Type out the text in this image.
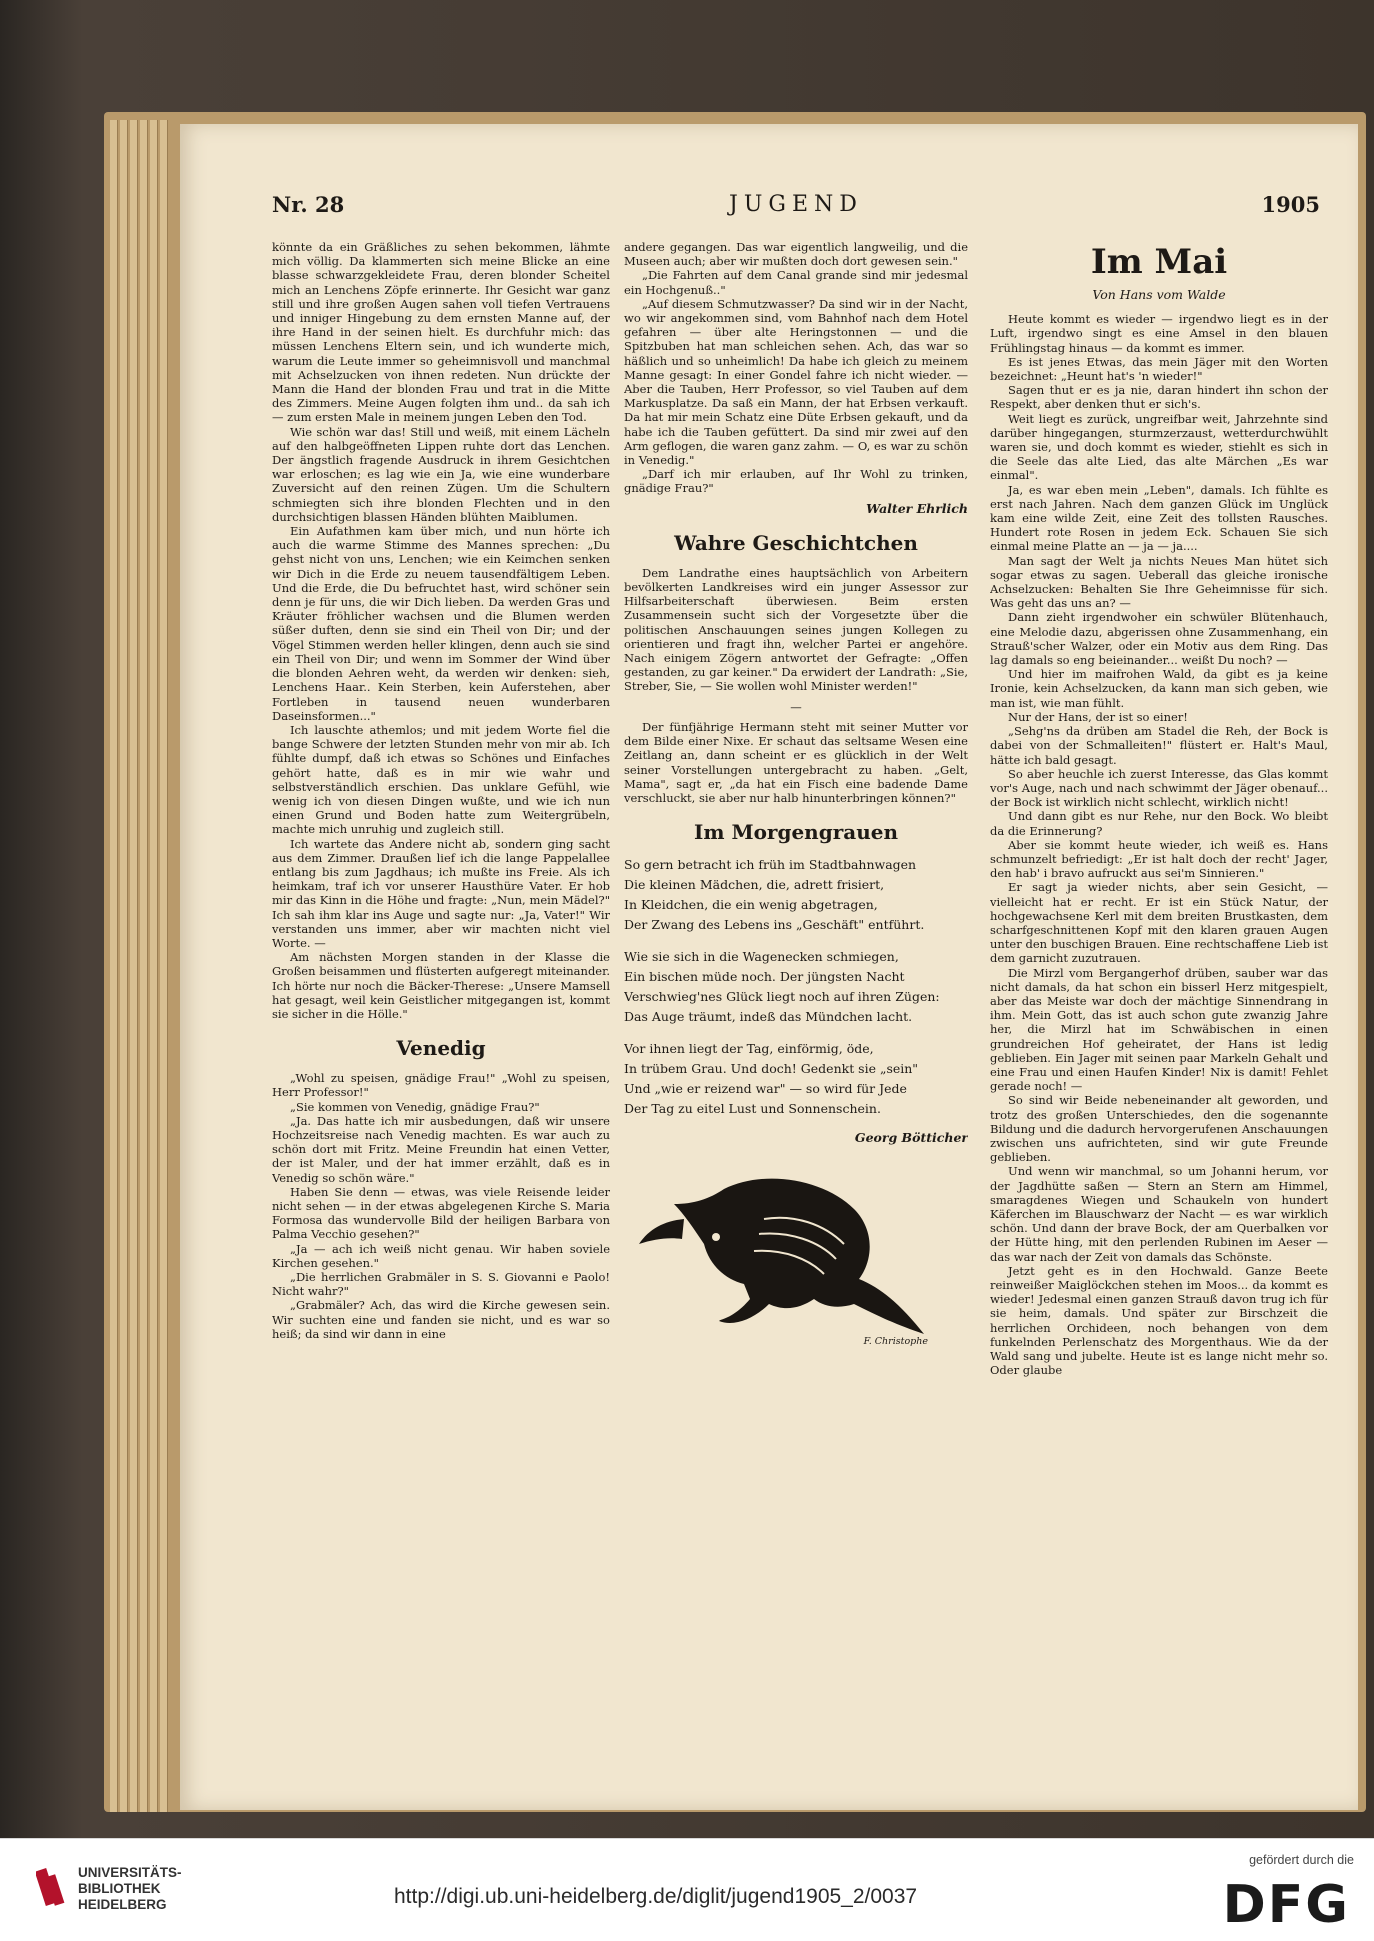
Nr. 28	JUGEND	1905

könnte da ein Gräßliches zu sehen bekommen, lähmte mich völlig. Da klammerten sich meine Blicke an eine blasse schwarzgekleidete Frau, deren blonder Scheitel mich an Lenchens Zöpfe erinnerte. Ihr Gesicht war ganz still und ihre großen Augen sahen voll tiefen Vertrauens und inniger Hingebung zu dem ernsten Manne auf, der ihre Hand in der seinen hielt. Es durchfuhr mich: das müssen Lenchens Eltern sein, und ich wunderte mich, warum die Leute immer so geheimnisvoll und manchmal mit Achselzucken von ihnen redeten. Nun drückte der Mann die Hand der blonden Frau und trat in die Mitte des Zimmers. Meine Augen folgten ihm und.. da sah ich — zum ersten Male in meinem jungen Leben den Tod.

Wie schön war das! Still und weiß, mit einem Lächeln auf den halbgeöffneten Lippen ruhte dort das Lenchen. Der ängstlich fragende Ausdruck in ihrem Gesichtchen war erloschen; es lag wie ein Ja, wie eine wunderbare Zuversicht auf den reinen Zügen. Um die Schultern schmiegten sich ihre blonden Flechten und in den durchsichtigen blassen Händen blühten Maiblumen.

Ein Aufathmen kam über mich, und nun hörte ich auch die warme Stimme des Mannes sprechen: „Du gehst nicht von uns, Lenchen; wie ein Keimchen senken wir Dich in die Erde zu neuem tausendfältigem Leben. Und die Erde, die Du befruchtet hast, wird schöner sein denn je für uns, die wir Dich lieben. Da werden Gras und Kräuter fröhlicher wachsen und die Blumen werden süßer duften, denn sie sind ein Theil von Dir; und der Vögel Stimmen werden heller klingen, denn auch sie sind ein Theil von Dir; und wenn im Sommer der Wind über die blonden Aehren weht, da werden wir denken: sieh, Lenchens Haar.. Kein Sterben, kein Auferstehen, aber Fortleben in tausend neuen wunderbaren Daseinsformen..."

Ich lauschte athemlos; und mit jedem Worte fiel die bange Schwere der letzten Stunden mehr von mir ab. Ich fühlte dumpf, daß ich etwas so Schönes und Einfaches gehört hatte, daß es in mir wie wahr und selbstverständlich erschien. Das unklare Gefühl, wie wenig ich von diesen Dingen wußte, und wie ich nun einen Grund und Boden hatte zum Weitergrübeln, machte mich unruhig und zugleich still.

Ich wartete das Andere nicht ab, sondern ging sacht aus dem Zimmer. Draußen lief ich die lange Pappelallee entlang bis zum Jagdhaus; ich mußte ins Freie. Als ich heimkam, traf ich vor unserer Hausthüre Vater. Er hob mir das Kinn in die Höhe und fragte: „Nun, mein Mädel?" Ich sah ihm klar ins Auge und sagte nur: „Ja, Vater!" Wir verstanden uns immer, aber wir machten nicht viel Worte. —

Am nächsten Morgen standen in der Klasse die Großen beisammen und flüsterten aufgeregt miteinander. Ich hörte nur noch die Bäcker-Therese: „Unsere Mamsell hat gesagt, weil kein Geistlicher mitgegangen ist, kommt sie sicher in die Hölle."

Venedig

„Wohl zu speisen, gnädige Frau!" „Wohl zu speisen, Herr Professor!"

„Sie kommen von Venedig, gnädige Frau?"

„Ja. Das hatte ich mir ausbedungen, daß wir unsere Hochzeitsreise nach Venedig machten. Es war auch zu schön dort mit Fritz. Meine Freundin hat einen Vetter, der ist Maler, und der hat immer erzählt, daß es in Venedig so schön wäre."

Haben Sie denn — etwas, was viele Reisende leider nicht sehen — in der etwas abgelegenen Kirche S. Maria Formosa das wundervolle Bild der heiligen Barbara von Palma Vecchio gesehen?"

„Ja — ach ich weiß nicht genau. Wir haben soviele Kirchen gesehen."

„Die herrlichen Grabmäler in S. S. Giovanni e Paolo! Nicht wahr?"

„Grabmäler? Ach, das wird die Kirche gewesen sein. Wir suchten eine und fanden sie nicht, und es war so heiß; da sind wir dann in eine

andere gegangen. Das war eigentlich langweilig, und die Museen auch; aber wir mußten doch dort gewesen sein."

„Die Fahrten auf dem Canal grande sind mir jedesmal ein Hochgenuß.."

„Auf diesem Schmutzwasser? Da sind wir in der Nacht, wo wir angekommen sind, vom Bahnhof nach dem Hotel gefahren — über alte Heringstonnen — und die Spitzbuben hat man schleichen sehen. Ach, das war so häßlich und so unheimlich! Da habe ich gleich zu meinem Manne gesagt: In einer Gondel fahre ich nicht wieder. — Aber die Tauben, Herr Professor, so viel Tauben auf dem Markusplatze. Da saß ein Mann, der hat Erbsen verkauft. Da hat mir mein Schatz eine Düte Erbsen gekauft, und da habe ich die Tauben gefüttert. Da sind mir zwei auf den Arm geflogen, die waren ganz zahm. — O, es war zu schön in Venedig."

„Darf ich mir erlauben, auf Ihr Wohl zu trinken, gnädige Frau?"

Walter Ehrlich
Wahre Geschichtchen

Dem Landrathe eines hauptsächlich von Arbeitern bevölkerten Landkreises wird ein junger Assessor zur Hilfsarbeiterschaft überwiesen. Beim ersten Zusammensein sucht sich der Vorgesetzte über die politischen Anschauungen seines jungen Kollegen zu orientieren und fragt ihn, welcher Partei er angehöre. Nach einigem Zögern antwortet der Gefragte: „Offen gestanden, zu gar keiner." Da erwidert der Landrath: „Sie, Streber, Sie, — Sie wollen wohl Minister werden!"

—

Der fünfjährige Hermann steht mit seiner Mutter vor dem Bilde einer Nixe. Er schaut das seltsame Wesen eine Zeitlang an, dann scheint er es glücklich in der Welt seiner Vorstellungen untergebracht zu haben. „Gelt, Mama", sagt er, „da hat ein Fisch eine badende Dame verschluckt, sie aber nur halb hinunterbringen können?"

Im Morgengrauen

So gern betracht ich früh im Stadtbahnwagen

Die kleinen Mädchen, die, adrett frisiert,

In Kleidchen, die ein wenig abgetragen,

Der Zwang des Lebens ins „Geschäft" entführt.

Wie sie sich in die Wagenecken schmiegen,

Ein bischen müde noch. Der jüngsten Nacht

Verschwieg'nes Glück liegt noch auf ihren Zügen:

Das Auge träumt, indeß das Mündchen lacht.

Vor ihnen liegt der Tag, einförmig, öde,

In trübem Grau. Und doch! Gedenkt sie „sein"

Und „wie er reizend war" — so wird für Jede

Der Tag zu eitel Lust und Sonnenschein.

Georg Bötticher
F. Christophe
Im Mai
Von Hans vom Walde

Heute kommt es wieder — irgendwo liegt es in der Luft, irgendwo singt es eine Amsel in den blauen Frühlingstag hinaus — da kommt es immer.

Es ist jenes Etwas, das mein Jäger mit den Worten bezeichnet: „Heunt hat's 'n wieder!"

Sagen thut er es ja nie, daran hindert ihn schon der Respekt, aber denken thut er sich's.

Weit liegt es zurück, ungreifbar weit, Jahrzehnte sind darüber hingegangen, sturmzerzaust, wetterdurchwühlt waren sie, und doch kommt es wieder, stiehlt es sich in die Seele das alte Lied, das alte Märchen „Es war einmal".

Ja, es war eben mein „Leben", damals. Ich fühlte es erst nach Jahren. Nach dem ganzen Glück im Unglück kam eine wilde Zeit, eine Zeit des tollsten Rausches. Hundert rote Rosen in jedem Eck. Schauen Sie sich einmal meine Platte an — ja — ja....

Man sagt der Welt ja nichts Neues Man hütet sich sogar etwas zu sagen. Ueberall das gleiche ironische Achselzucken: Behalten Sie Ihre Geheimnisse für sich. Was geht das uns an? —

Dann zieht irgendwoher ein schwüler Blütenhauch, eine Melodie dazu, abgerissen ohne Zusammenhang, ein Strauß'scher Walzer, oder ein Motiv aus dem Ring. Das lag damals so eng beieinander... weißt Du noch? —

Und hier im maifrohen Wald, da gibt es ja keine Ironie, kein Achselzucken, da kann man sich geben, wie man ist, wie man fühlt.

Nur der Hans, der ist so einer!

„Sehg'ns da drüben am Stadel die Reh, der Bock is dabei von der Schmalleiten!" flüstert er. Halt's Maul, hätte ich bald gesagt.

So aber heuchle ich zuerst Interesse, das Glas kommt vor's Auge, nach und nach schwimmt der Jäger obenauf... der Bock ist wirklich nicht schlecht, wirklich nicht!

Und dann gibt es nur Rehe, nur den Bock. Wo bleibt da die Erinnerung?

Aber sie kommt heute wieder, ich weiß es. Hans schmunzelt befriedigt: „Er ist halt doch der recht' Jager, den hab' i bravo aufruckt aus sei'm Sinnieren."

Er sagt ja wieder nichts, aber sein Gesicht, — vielleicht hat er recht. Er ist ein Stück Natur, der hochgewachsene Kerl mit dem breiten Brustkasten, dem scharfgeschnittenen Kopf mit den klaren grauen Augen unter den buschigen Brauen. Eine rechtschaffene Lieb ist dem garnicht zuzutrauen.

Die Mirzl vom Bergangerhof drüben, sauber war das nicht damals, da hat schon ein bisserl Herz mitgespielt, aber das Meiste war doch der mächtige Sinnendrang in ihm. Mein Gott, das ist auch schon gute zwanzig Jahre her, die Mirzl hat im Schwäbischen in einen grundreichen Hof geheiratet, der Hans ist ledig geblieben. Ein Jager mit seinen paar Markeln Gehalt und eine Frau und einen Haufen Kinder! Nix is damit! Fehlet gerade noch! —

So sind wir Beide nebeneinander alt geworden, und trotz des großen Unterschiedes, den die sogenannte Bildung und die dadurch hervorgerufenen Anschauungen zwischen uns aufrichteten, sind wir gute Freunde geblieben.

Und wenn wir manchmal, so um Johanni herum, vor der Jagdhütte saßen — Stern an Stern am Himmel, smaragdenes Wiegen und Schaukeln von hundert Käferchen im Blauschwarz der Nacht — es war wirklich schön. Und dann der brave Bock, der am Querbalken vor der Hütte hing, mit den perlenden Rubinen im Aeser — das war nach der Zeit von damals das Schönste.

Jetzt geht es in den Hochwald. Ganze Beete reinweißer Maiglöckchen stehen im Moos... da kommt es wieder! Jedesmal einen ganzen Strauß davon trug ich für sie heim, damals. Und später zur Birschzeit die herrlichen Orchideen, noch behangen von dem funkelnden Perlenschatz des Morgenthaus. Wie da der Wald sang und jubelte. Heute ist es lange nicht mehr so. Oder glaube

UNIVERSITÄTS-
BIBLIOTHEK
HEIDELBERG	http://digi.ub.uni-heidelberg.de/diglit/jugend1905_2/0037
gefördert durch die
DFG
